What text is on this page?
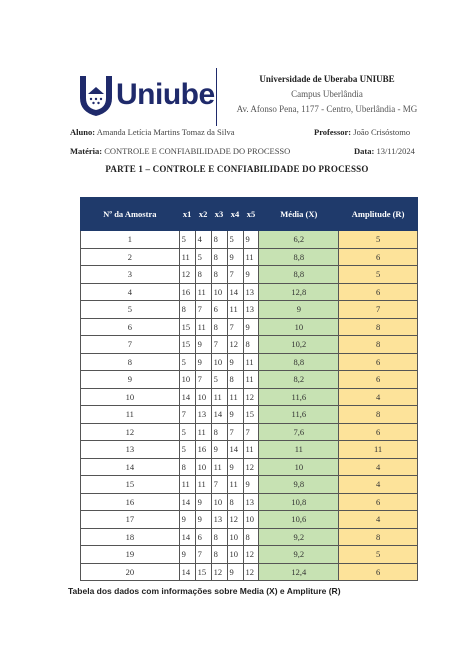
Uniube	Universidade de Uberaba UNIUBE
Campus Uberlândia
Av. Afonso Pena, 1177 - Centro, Uberlândia - MG
Aluno: Amanda Letícia Martins Tomaz da Silva	Professor: João Crisóstomo
Matéria: CONTROLE E CONFIABILIDADE DO PROCESSO	Data: 13/11/2024
PARTE 1 – CONTROLE E CONFIABILIDADE DO PROCESSO
Nº da Amostra	x1	x2	x3	x4	x5	Média (X)	Amplitude (R)
1	5	4	8	5	9	6,2	5
2	11	5	8	9	11	8,8	6
3	12	8	8	7	9	8,8	5
4	16	11	10	14	13	12,8	6
5	8	7	6	11	13	9	7
6	15	11	8	7	9	10	8
7	15	9	7	12	8	10,2	8
8	5	9	10	9	11	8,8	6
9	10	7	5	8	11	8,2	6
10	14	10	11	11	12	11,6	4
11	7	13	14	9	15	11,6	8
12	5	11	8	7	7	7,6	6
13	5	16	9	14	11	11	11
14	8	10	11	9	12	10	4
15	11	11	7	11	9	9,8	4
16	14	9	10	8	13	10,8	6
17	9	9	13	12	10	10,6	4
18	14	6	8	10	8	9,2	8
19	9	7	8	10	12	9,2	5
20	14	15	12	9	12	12,4	6
Tabela dos dados com informações sobre Media (X) e Ampliture (R)
